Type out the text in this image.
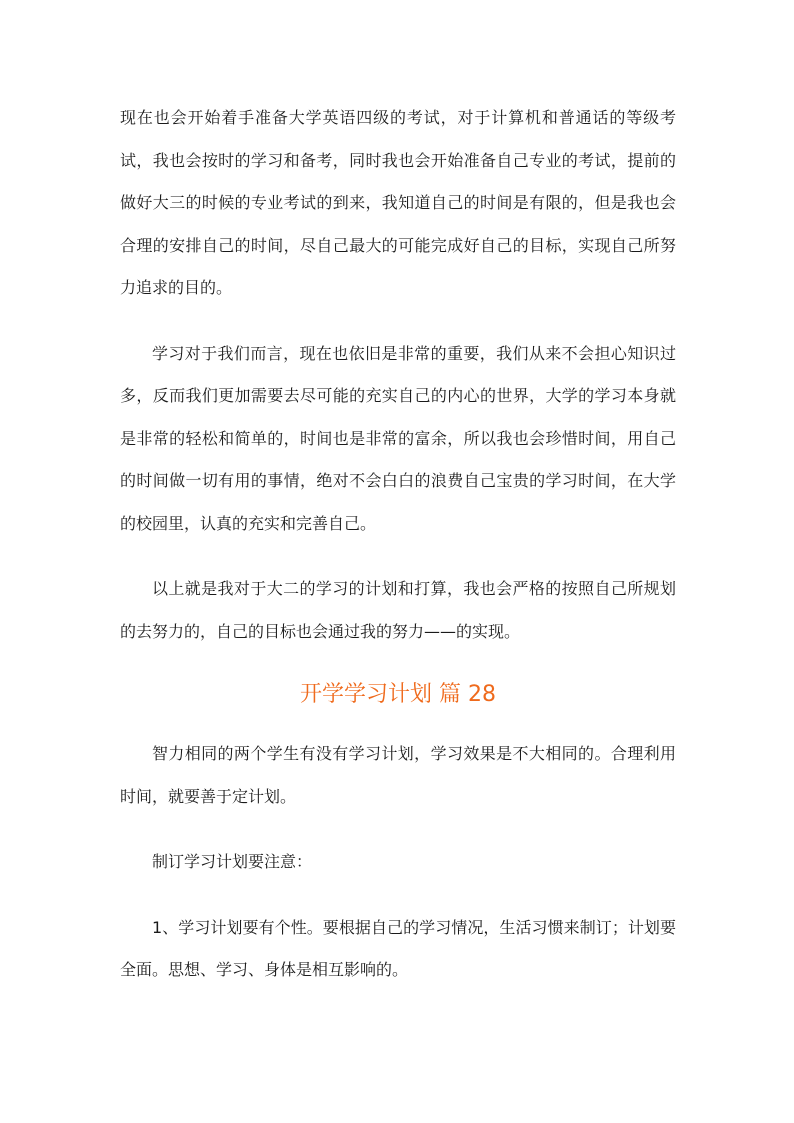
现在也会开始着手准备大学英语四级的考试，对于计算机和普通话的等级考试，我也会按时的学习和备考，同时我也会开始准备自己专业的考试，提前的做好大三的时候的专业考试的到来，我知道自己的时间是有限的，但是我也会合理的安排自己的时间，尽自己最大的可能完成好自己的目标，实现自己所努力追求的目的。

学习对于我们而言，现在也依旧是非常的重要，我们从来不会担心知识过多，反而我们更加需要去尽可能的充实自己的内心的世界，大学的学习本身就是非常的轻松和简单的，时间也是非常的富余，所以我也会珍惜时间，用自己的时间做一切有用的事情，绝对不会白白的浪费自己宝贵的学习时间，在大学的校园里，认真的充实和完善自己。

以上就是我对于大二的学习的计划和打算，我也会严格的按照自己所规划的去努力的，自己的目标也会通过我的努力——的实现。

开学学习计划 篇 28

智力相同的两个学生有没有学习计划，学习效果是不大相同的。合理利用时间，就要善于定计划。

制订学习计划要注意：

1、学习计划要有个性。要根据自己的学习情况，生活习惯来制订；计划要全面。思想、学习、身体是相互影响的。
